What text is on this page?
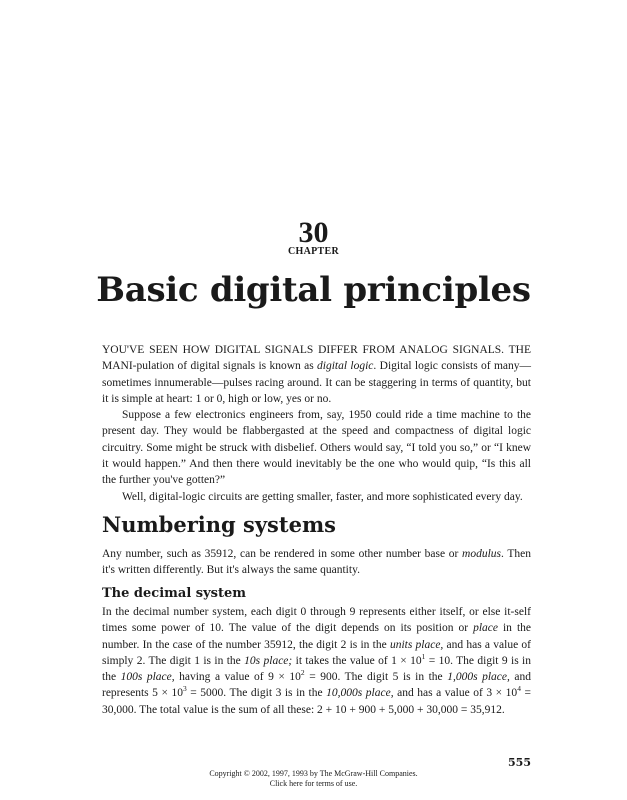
30
CHAPTER
Basic digital principles

YOU'VE SEEN HOW DIGITAL SIGNALS DIFFER FROM ANALOG SIGNALS. THE MANI-pulation of digital signals is known as digital logic. Digital logic consists of many—sometimes innumerable—pulses racing around. It can be staggering in terms of quantity, but it is simple at heart: 1 or 0, high or low, yes or no.

Suppose a few electronics engineers from, say, 1950 could ride a time machine to the present day. They would be flabbergasted at the speed and compactness of digital logic circuitry. Some might be struck with disbelief. Others would say, “I told you so,” or “I knew it would happen.” And then there would inevitably be the one who would quip, “Is this all the further you've gotten?”

Well, digital-logic circuits are getting smaller, faster, and more sophisticated every day.

Numbering systems

Any number, such as 35912, can be rendered in some other number base or modulus. Then it's written differently. But it's always the same quantity.

The decimal system

In the decimal number system, each digit 0 through 9 represents either itself, or else it-self times some power of 10. The value of the digit depends on its position or place in the number. In the case of the number 35912, the digit 2 is in the units place, and has a value of simply 2. The digit 1 is in the 10s place; it takes the value of $1 \times 10^1 = 10$. The digit 9 is in the 100s place, having a value of $9 \times 10^2 = 900$. The digit 5 is in the 1,000s place, and represents $5 \times 10^3 = 5000$. The digit 3 is in the 10,000s place, and has a value of $3 \times 10^4 = 30,000$. The total value is the sum of all these: 2 + 10 + 900 + 5,000 + 30,000 = 35,912.

555
Copyright © 2002, 1997, 1993 by The McGraw-Hill Companies.
Click here for terms of use.
